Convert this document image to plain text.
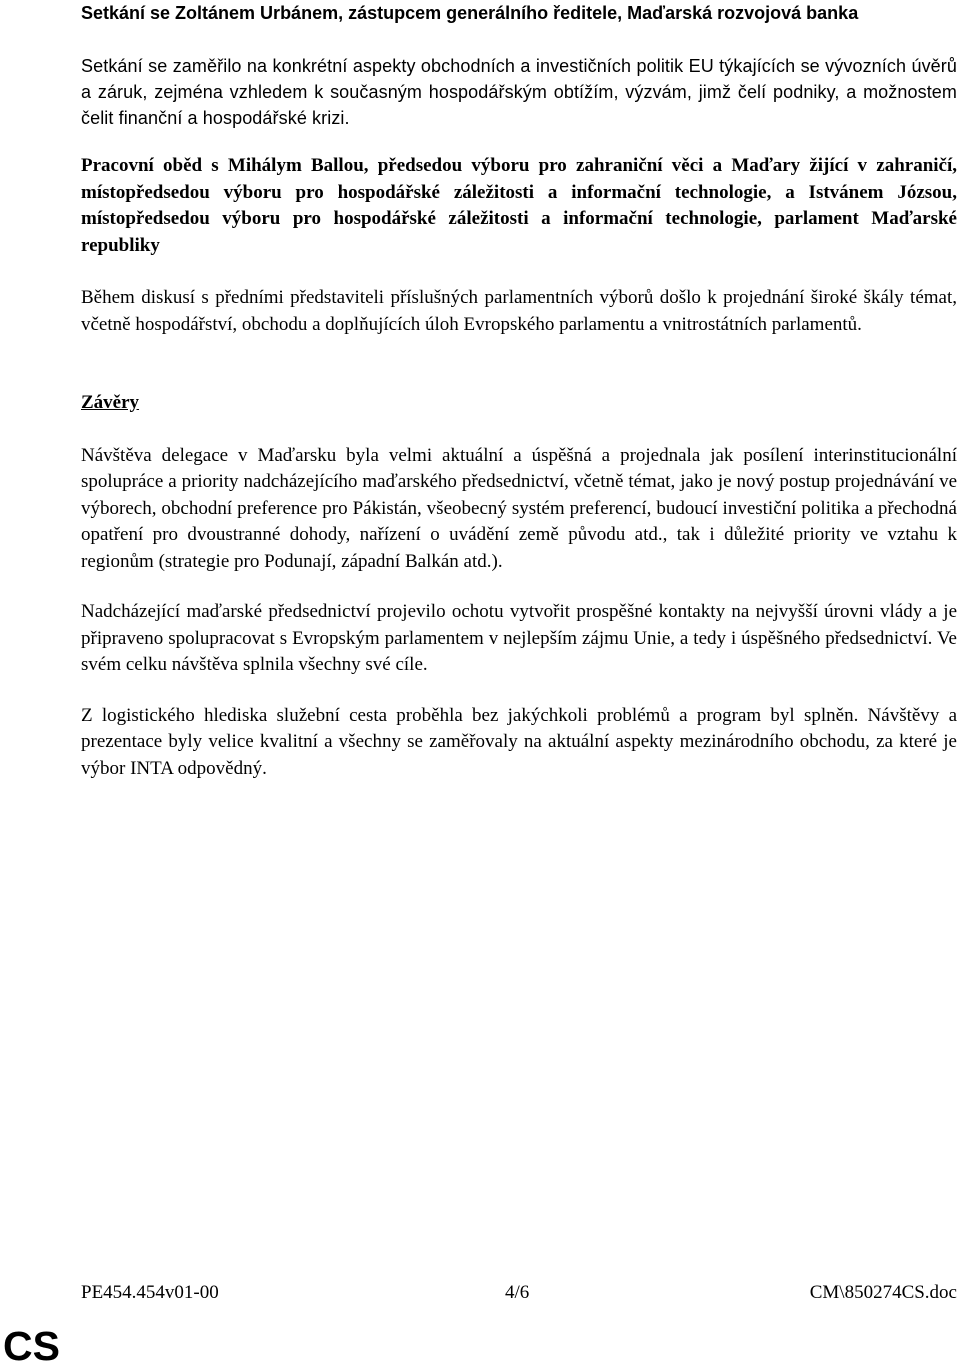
Setkání se Zoltánem Urbánem, zástupcem generálního ředitele, Maďarská rozvojová banka

Setkání se zaměřilo na konkrétní aspekty obchodních a investičních politik EU týkajících se vývozních úvěrů a záruk, zejména vzhledem k současným hospodářským obtížím, výzvám, jimž čelí podniky, a možnostem čelit finanční a hospodářské krizi.

Pracovní oběd s Mihálym Ballou, předsedou výboru pro zahraniční věci a Maďary žijící v zahraničí, místopředsedou výboru pro hospodářské záležitosti a informační technologie, a Istvánem Józsou, místopředsedou výboru pro hospodářské záležitosti a informační technologie, parlament Maďarské republiky

Během diskusí s předními představiteli příslušných parlamentních výborů došlo k projednání široké škály témat, včetně hospodářství, obchodu a doplňujících úloh Evropského parlamentu a vnitrostátních parlamentů.

Závěry

Návštěva delegace v Maďarsku byla velmi aktuální a úspěšná a projednala jak posílení interinstitucionální spolupráce a priority nadcházejícího maďarského předsednictví, včetně témat, jako je nový postup projednávání ve výborech, obchodní preference pro Pákistán, všeobecný systém preferencí, budoucí investiční politika a přechodná opatření pro dvoustranné dohody, nařízení o uvádění země původu atd., tak i důležité priority ve vztahu k regionům (strategie pro Podunají, západní Balkán atd.).

Nadcházející maďarské předsednictví projevilo ochotu vytvořit prospěšné kontakty na nejvyšší úrovni vlády a je připraveno spolupracovat s Evropským parlamentem v nejlepším zájmu Unie, a tedy i úspěšného předsednictví. Ve svém celku návštěva splnila všechny své cíle.

Z logistického hlediska služební cesta proběhla bez jakýchkoli problémů a program byl splněn. Návštěvy a prezentace byly velice kvalitní a všechny se zaměřovaly na aktuální aspekty mezinárodního obchodu, za které je výbor INTA odpovědný.

PE454.454v01-00	4/6	CM\850274CS.doc
CS
